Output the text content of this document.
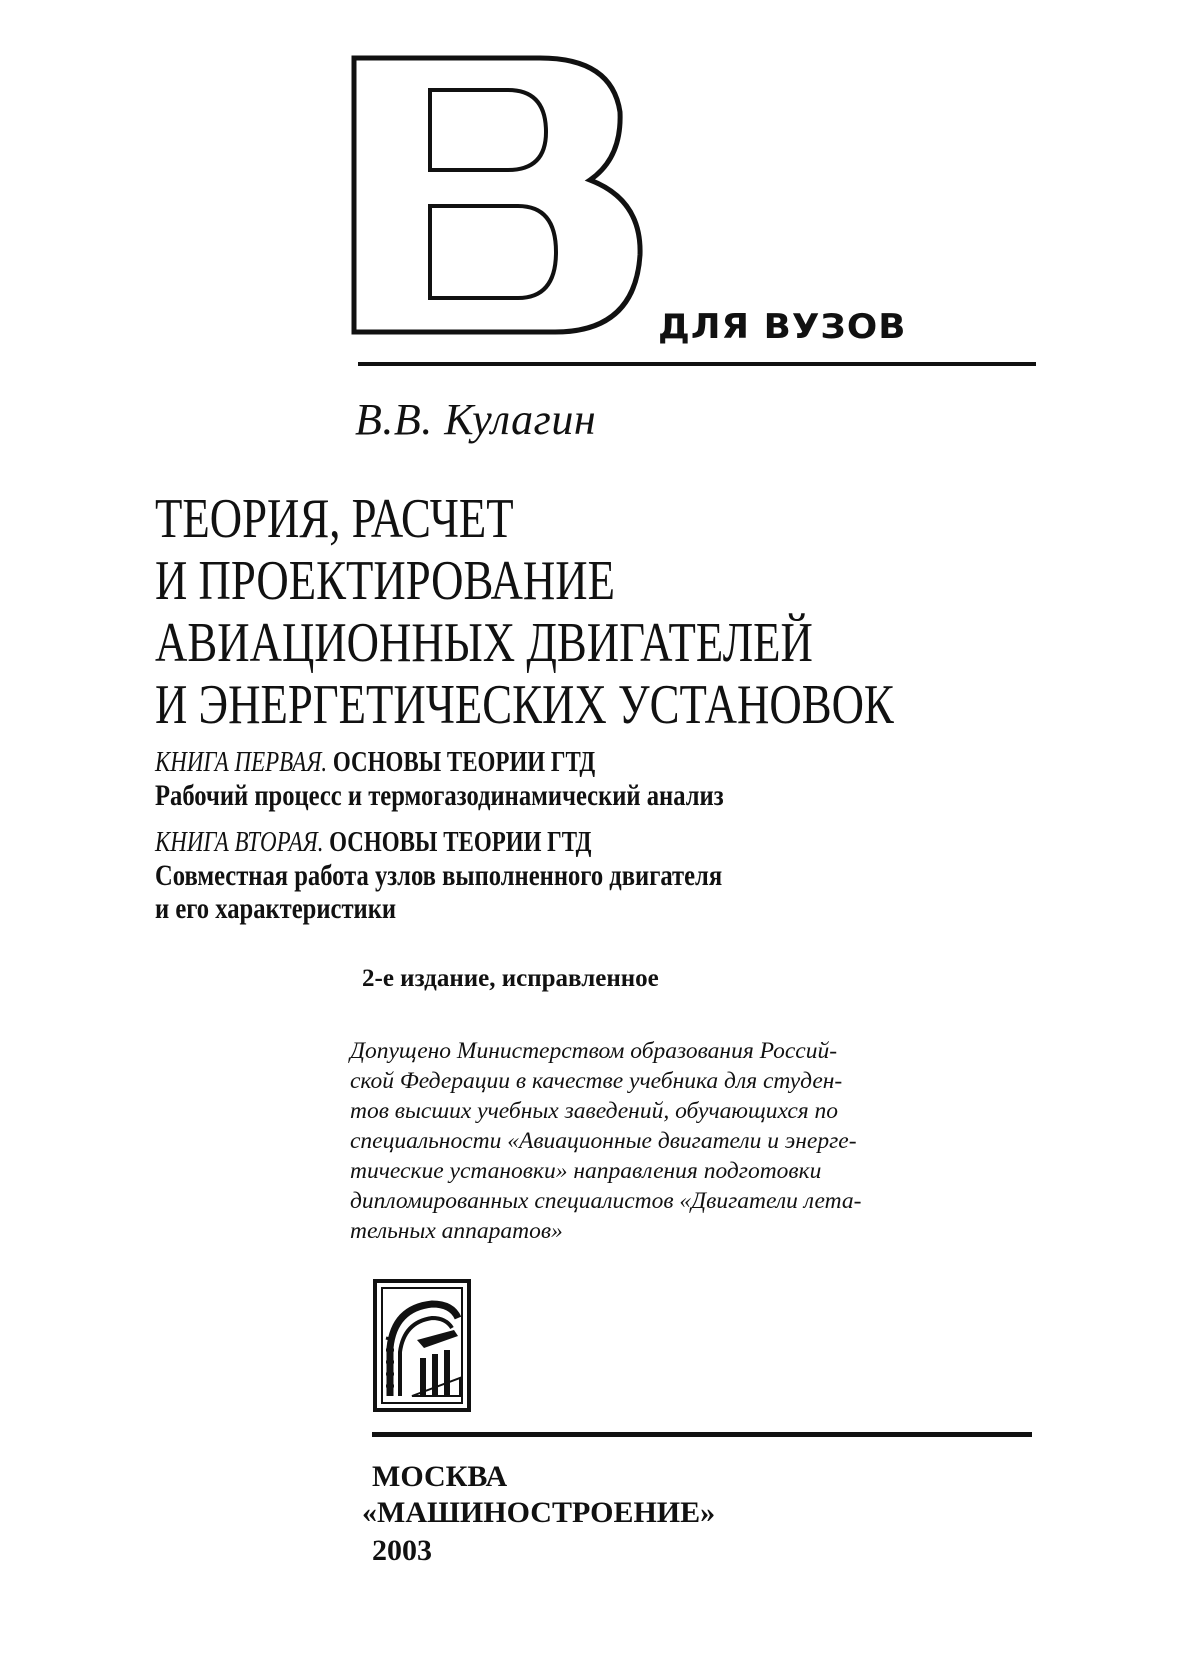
ДЛЯ ВУЗОВ
В.В. Кулагин
ТЕОРИЯ, РАСЧЕТ
И ПРОЕКТИРОВАНИЕ
АВИАЦИОННЫХ ДВИГАТЕЛЕЙ
И ЭНЕРГЕТИЧЕСКИХ УСТАНОВОК
КНИГА ПЕРВАЯ. ОСНОВЫ ТЕОРИИ ГТД
Рабочий процесс и термогазодинамический анализ
КНИГА ВТОРАЯ. ОСНОВЫ ТЕОРИИ ГТД
Совместная работа узлов выполненного двигателя
и его характеристики
2-е издание, исправленное
Допущено Министерством образования Россий-
ской Федерации в качестве учебника для студен-
тов высших учебных заведений, обучающихся по
специальности «Авиационные двигатели и энерге-
тические установки» направления подготовки
дипломированных специалистов «Двигатели лета-
тельных аппаратов»
МОСКВА
«МАШИНОСТРОЕНИЕ»
2003
